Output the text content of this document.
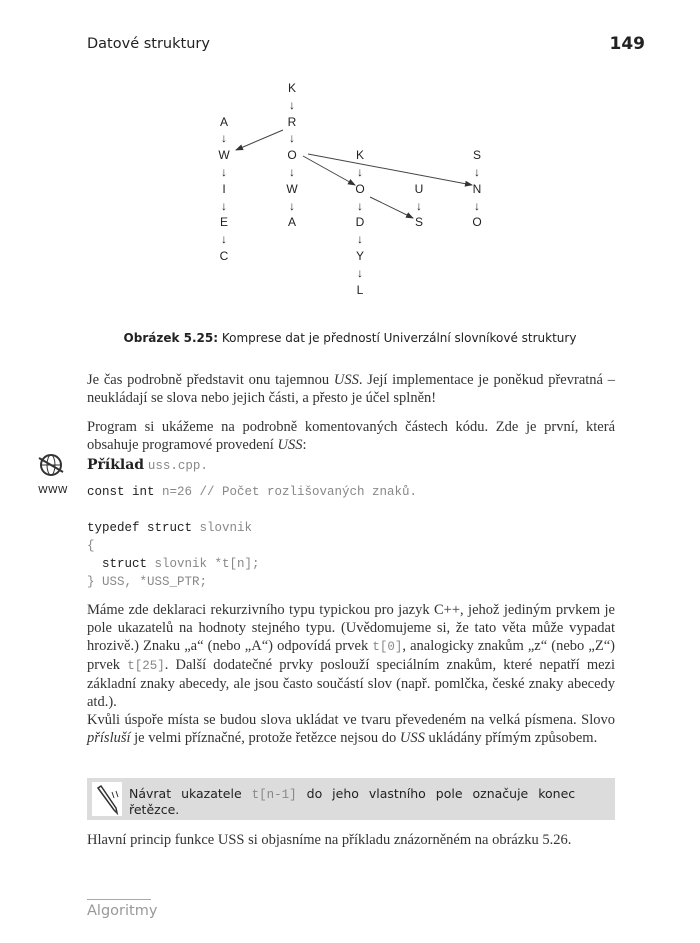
Datové struktury	149
K
↓
R
↓
O
↓
W
↓
A
A
↓
W
↓
I
↓
E
↓
C
K
↓
O
↓
D
↓
Y
↓
L
U
↓
S
S
↓
N
↓
O
Obrázek 5.25: Komprese dat je předností Univerzální slovníkové struktury
Je čas podrobně představit onu tajemnou USS. Její implementace je poněkud převratná – neukládají se slova nebo jejich části, a přesto je účel splněn!
Program si ukážeme na podrobně komentovaných částech kódu. Zde je první, která obsahuje programové provedení USS:
WWW
Příklad uss.cpp.
const int n=26 // Počet rozlišovaných znaků.
typedef struct slovnik
{
struct slovnik *t[n];
} USS, *USS_PTR;
Máme zde deklaraci rekurzivního typu typickou pro jazyk C++, jehož jediným prvkem je pole ukazatelů na hodnoty stejného typu. (Uvědomujeme si, že tato věta může vypadat hrozivě.) Znaku „a“ (nebo „A“) odpovídá prvek t[0], analogicky znakům „z“ (nebo „Z“) prvek t[25]. Další dodatečné prvky poslouží speciálním znakům, které nepatří mezi základní znaky abecedy, ale jsou často součástí slov (např. pomlčka, české znaky abecedy atd.).
Kvůli úspoře místa se budou slova ukládat ve tvaru převedeném na velká písmena. Slovo přísluší je velmi příznačné, protože řetězce nejsou do USS ukládány přímým způsobem.
Návrat ukazatele t[n-1] do jeho vlastního pole označuje konec řetězce.
Hlavní princip funkce USS si objasníme na příkladu znázorněném na obrázku 5.26.
Algoritmy
